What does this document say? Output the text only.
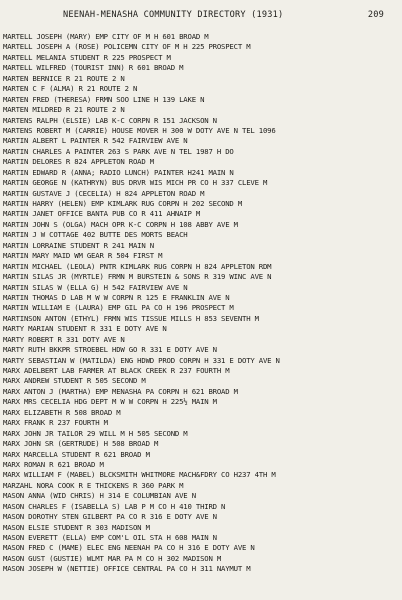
NEENAH-MENASHA COMMUNITY DIRECTORY (1931)	209
MARTELL JOSEPH (MARY) EMP CITY OF M H 601 BROAD M
MARTELL JOSEPH A (ROSE) POLICEMN CITY OF M H 225 PROSPECT M
MARTELL MELANIA STUDENT R 225 PROSPECT M
MARTELL WILFRED (TOURIST INN) R 601 BROAD M
MARTEN BERNICE R 21 ROUTE 2 N
MARTEN C F (ALMA) R 21 ROUTE 2 N
MARTEN FRED (THERESA) FRMN SOO LINE H 139 LAKE N
MARTEN MILDRED R 21 ROUTE 2 N
MARTENS RALPH (ELSIE) LAB K-C CORPN R 151 JACKSON N
MARTENS ROBERT M (CARRIE) HOUSE MOVER H 300 W DOTY AVE N TEL 1096
MARTIN ALBERT L PAINTER R 542 FAIRVIEW AVE N
MARTIN CHARLES A PAINTER 263 S PARK AVE N TEL 1987 H DO
MARTIN DELORES R 824 APPLETON ROAD M
MARTIN EDWARD R (ANNA; RADIO LUNCH) PAINTER H241 MAIN N
MARTIN GEORGE N (KATHRYN) BUS DRVR WIS MICH PR CO H 337 CLEVE M
MARTIN GUSTAVE J (CECELIA) H 824 APPLETON ROAD M
MARTIN HARRY (HELEN) EMP KIMLARK RUG CORPN H 202 SECOND M
MARTIN JANET OFFICE BANTA PUB CO R 411 AHNAIP M
MARTIN JOHN S (OLGA) MACH OPR K-C CORPN H 108 ABBY AVE M
MARTIN J W COTTAGE 402 BUTTE DES MORTS BEACH
MARTIN LORRAINE STUDENT R 241 MAIN N
MARTIN MARY MAID WM GEAR R 504 FIRST M
MARTIN MICHAEL (LEOLA) PNTR KIMLARK RUG CORPN H 824 APPLETON RDM
MARTIN SILAS JR (MYRTLE) FRMN M BURSTEIN & SONS R 319 WINC AVE N
MARTIN SILAS W (ELLA G) H 542 FAIRVIEW AVE N
MARTIN THOMAS D LAB M W W CORPN R 125 E FRANKLIN AVE N
MARTIN WILLIAM E (LAURA) EMP GIL PA CO H 196 PROSPECT M
MARTINSON ANTON (ETHYL) FRMN WIS TISSUE MILLS H 853 SEVENTH M
MARTY MARIAN STUDENT R 331 E DOTY AVE N
MARTY ROBERT R 331 DOTY AVE N
MARTY RUTH BKKPR STROEBEL HDW GO R 331 E DOTY AVE N
MARTY SEBASTIAN W (MATILDA) ENG HDWD PROD CORPN H 331 E DOTY AVE N
MARX ADELBERT LAB FARMER AT BLACK CREEK R 237 FOURTH M
MARX ANDREW STUDENT R 505 SECOND M
MARX ANTON J (MARTHA) EMP MENASHA PA CORPN H 621 BROAD M
MARX MRS CECELIA HDG DEPT M W W CORPN H 225½ MAIN M
MARX ELIZABETH R 508 BROAD M
MARX FRANK R 237 FOURTH M
MARX JOHN JR TAILOR 29 WILL M H 505 SECOND M
MARX JOHN SR (GERTRUDE) H 508 BROAD M
MARX MARCELLA STUDENT R 621 BROAD M
MARX ROMAN R 621 BROAD M
MARX WILLIAM F (MABEL) BLCKSMITH WHITMORE MACH&FDRY CO H237 4TH M
MARZAHL NORA COOK R E THICKENS R 360 PARK M
MASON ANNA (WID CHRIS) H 314 E COLUMBIAN AVE N
MASON CHARLES F (ISABELLA S) LAB P M CO H 410 THIRD N
MASON DOROTHY STEN GILBERT PA CO R 316 E DOTY AVE N
MASON ELSIE STUDENT R 303 MADISON M
MASON EVERETT (ELLA) EMP COM'L OIL STA H 608 MAIN N
MASON FRED C (MAME) ELEC ENG NEENAH PA CO H 316 E DOTY AVE N
MASON GUST (GUSTIE) WLMT MAR PA M CO H 302 MADISON M
MASON JOSEPH W (NETTIE) OFFICE CENTRAL PA CO H 311 NAYMUT M
